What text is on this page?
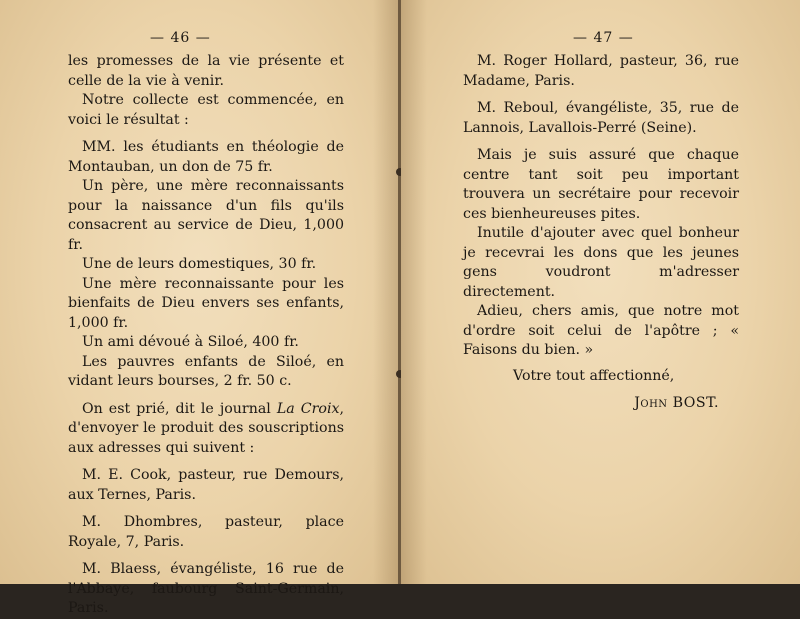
— 46 —

les promesses de la vie présente et celle de la vie à venir.

Notre collecte est commencée, en voici le résultat :

MM. les étudiants en théologie de Montauban, un don de 75 fr.

Un père, une mère reconnaissants pour la naissance d'un fils qu'ils consacrent au service de Dieu, 1,000 fr.

Une de leurs domestiques, 30 fr.

Une mère reconnaissante pour les bienfaits de Dieu envers ses enfants, 1,000 fr.

Un ami dévoué à Siloé, 400 fr.

Les pauvres enfants de Siloé, en vidant leurs bourses, 2 fr. 50 c.

On est prié, dit le journal La Croix, d'envoyer le produit des souscriptions aux adresses qui suivent :

M. E. Cook, pasteur, rue Demours, aux Ternes, Paris.

M. Dhombres, pasteur, place Royale, 7, Paris.

M. Blaess, évangéliste, 16 rue de l'Abbaye, faubourg Saint-Germain, Paris.

— 47 —

M. Roger Hollard, pasteur, 36, rue Madame, Paris.

M. Reboul, évangéliste, 35, rue de Lannois, Lavallois-Perré (Seine).

Mais je suis assuré que chaque centre tant soit peu important trouvera un secrétaire pour recevoir ces bienheureuses pites.

Inutile d'ajouter avec quel bonheur je recevrai les dons que les jeunes gens voudront m'adresser directement.

Adieu, chers amis, que notre mot d'ordre soit celui de l'apôtre ; « Faisons du bien. »

Votre tout affectionné,

John BOST.
